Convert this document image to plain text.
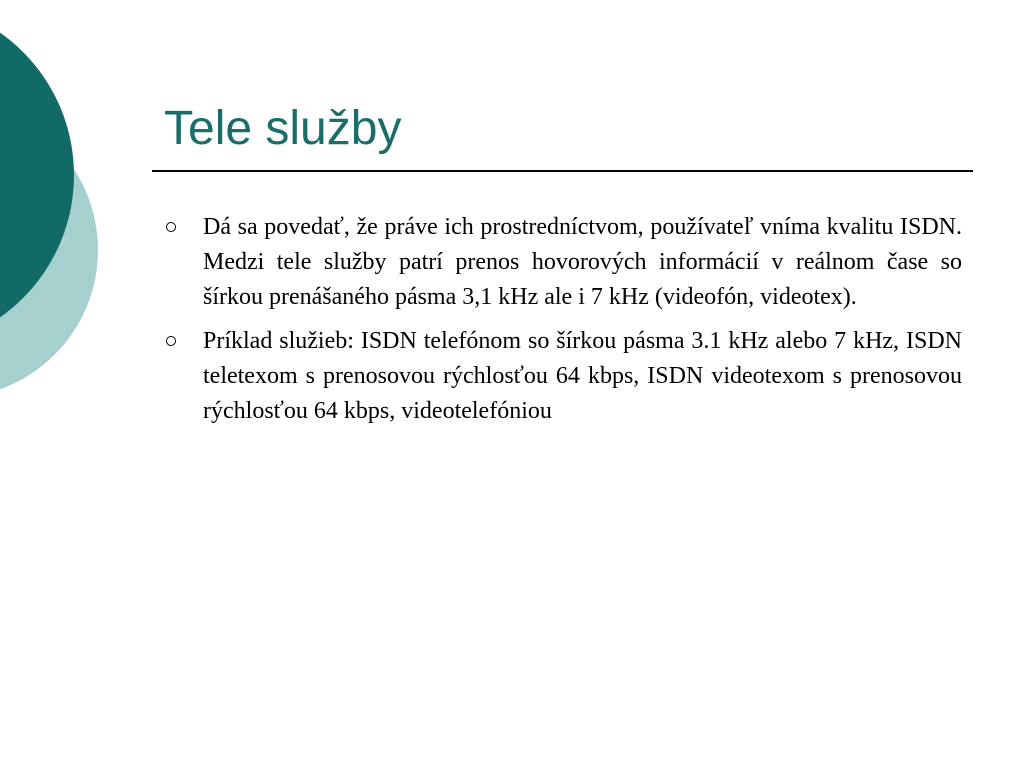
Tele služby
Dá sa povedať, že práve ich prostredníctvom, používateľ vníma kvalitu ISDN. Medzi tele služby patrí prenos hovorových informácií v reálnom čase so šírkou prenášaného pásma 3,1 kHz ale i 7 kHz (videofón, videotex).
Príklad služieb: ISDN telefónom so šírkou pásma 3.1 kHz alebo 7 kHz, ISDN teletexom s prenosovou rýchlosťou 64 kbps, ISDN videotexom s prenosovou rýchlosťou 64 kbps, videotelefóniou
